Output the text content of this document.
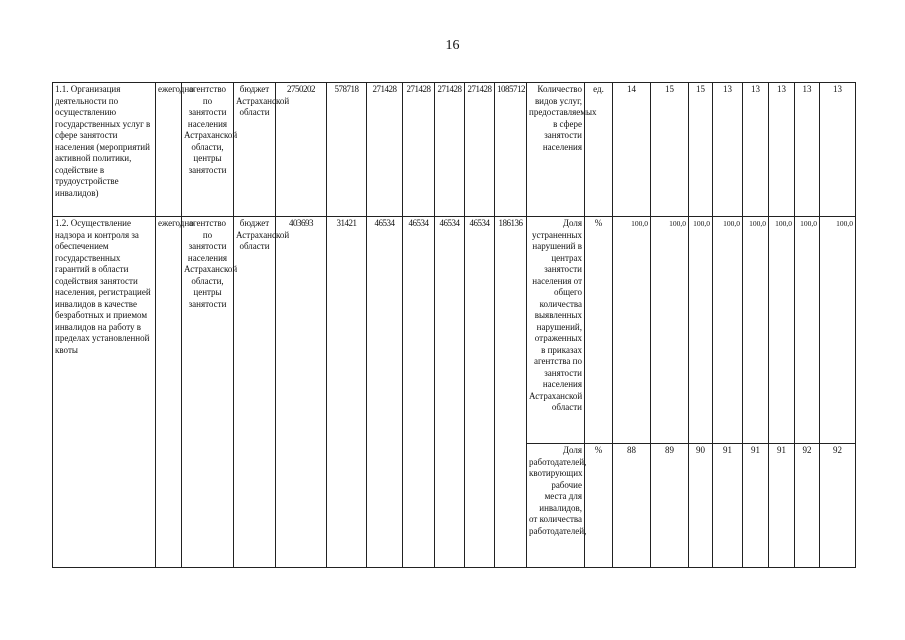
16
1.1. Организация деятельности по осуществлению государственных услуг в сфере занятости населения (мероприятий активной политики, содействие в трудоустройстве инвалидов)	ежегодно	агентство по занятости населения Астраханской области, центры занятости	бюджет Астраханской области	2750202	578718	271428	271428	271428	271428	1085712	Количество видов услуг, предоставляемых в сфере занятости населения	ед.	14	15	15	13	13	13	13	13
1.2. Осуществление надзора и контроля за обеспечением государственных гарантий в области содействия занятости населения, регистрацией инвалидов в качестве безработных и приемом инвалидов на работу в пределах установленной квоты	ежегодно	агентство по занятости населения Астраханской области, центры занятости	бюджет Астраханской области	403693	31421	46534	46534	46534	46534	186136	Доля устраненных нарушений в центрах занятости населения от общего количества выявленных нарушений, отраженных в приказах агентства по занятости населения Астраханской области	%	100,0	100,0	100,0	100,0	100,0	100,0	100,0	100,0
											Доля работодателей, квотирующих рабочие места для инвалидов, от количества работодателей,	%	88	89	90	91	91	91	92	92
